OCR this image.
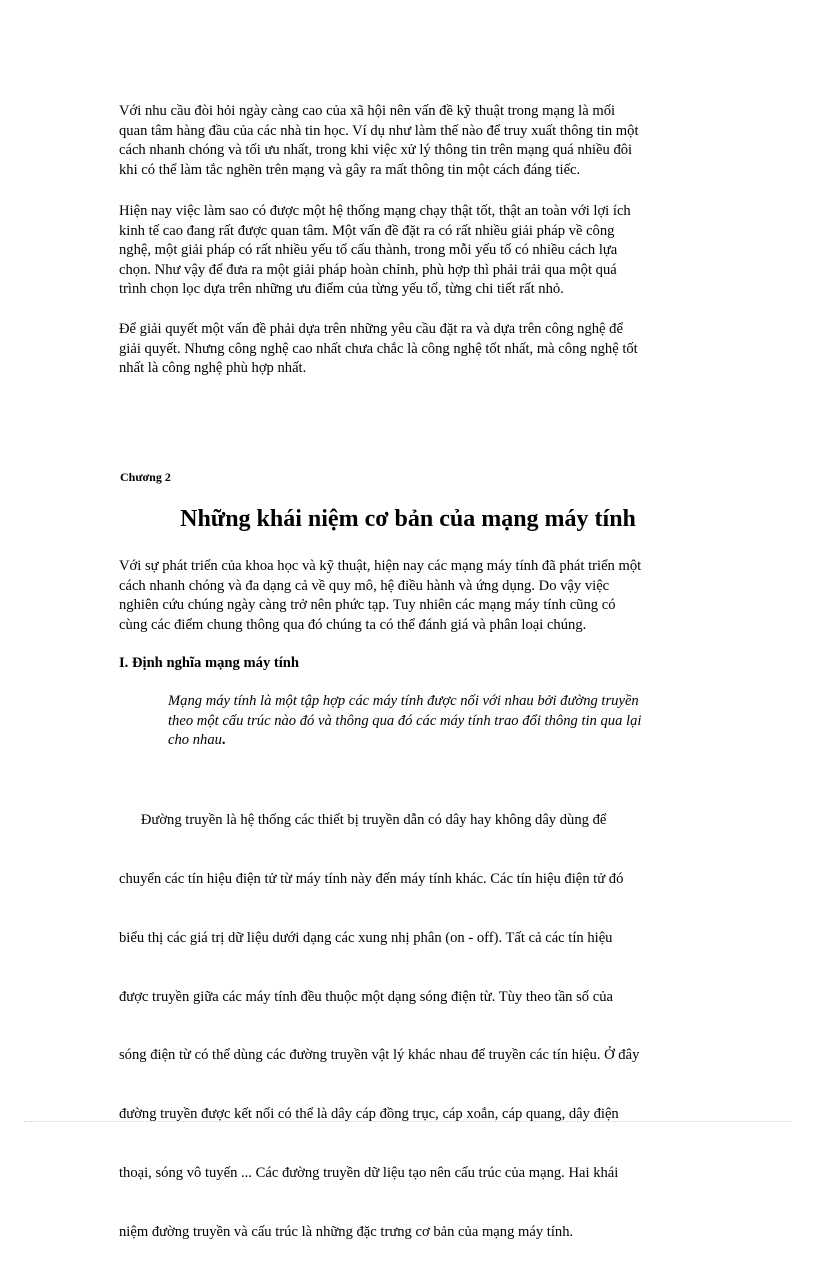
Với nhu cầu đòi hỏi ngày càng cao của xã hội nên vấn đề kỹ thuật trong mạng là mối
quan tâm hàng đầu của các nhà tin học. Ví dụ như làm thế nào để truy xuất thông tin một
cách nhanh chóng và tối ưu nhất, trong khi việc xử lý thông tin trên mạng quá nhiều đôi
khi có thể làm tắc nghẽn trên mạng và gây ra mất thông tin một cách đáng tiếc.
Hiện nay việc làm sao có được một hệ thống mạng chạy thật tốt, thật an toàn với lợi ích
kinh tế cao đang rất được quan tâm. Một vấn đề đặt ra có rất nhiều giải pháp về công
nghệ, một giải pháp có rất nhiều yếu tố cấu thành, trong mỗi yếu tố có nhiều cách lựa
chọn. Như vậy để đưa ra một giải pháp hoàn chỉnh, phù hợp thì phải trải qua một quá
trình chọn lọc dựa trên những ưu điểm của từng yếu tố, từng chi tiết rất nhỏ.
Để giải quyết một vấn đề phải dựa trên những yêu cầu đặt ra và dựa trên công nghệ để
giải quyết. Nhưng công nghệ cao nhất chưa chắc là công nghệ tốt nhất, mà công nghệ tốt
nhất là công nghệ phù hợp nhất.

Chương 2

Những khái niệm cơ bản của mạng máy tính
Với sự phát triển của khoa học và kỹ thuật, hiện nay các mạng máy tính đã phát triển một
cách nhanh chóng và đa dạng cả về quy mô, hệ điều hành và ứng dụng. Do vậy việc
nghiên cứu chúng ngày càng trở nên phức tạp. Tuy nhiên các mạng máy tính cũng có
cùng các điểm chung thông qua đó chúng ta có thể đánh giá và phân loại chúng.
I. Định nghĩa mạng máy tính
Mạng máy tính là một tập hợp các máy tính được nối với nhau bởi đường truyền
theo một cấu trúc nào đó và thông qua đó các máy tính trao đổi thông tin qua lại
cho nhau.

Đường truyền là hệ thống các thiết bị truyền dẫn có dây hay không dây dùng để

chuyển các tín hiệu điện tử từ máy tính này đến máy tính khác. Các tín hiệu điện tử đó

biểu thị các giá trị dữ liệu dưới dạng các xung nhị phân (on - off). Tất cả các tín hiệu

được truyền giữa các máy tính đều thuộc một dạng sóng điện từ. Tùy theo tần số của

sóng điện từ có thể dùng các đường truyền vật lý khác nhau để truyền các tín hiệu. Ở đây

đường truyền được kết nối có thể là dây cáp đồng trục, cáp xoắn, cáp quang, dây điện

thoại, sóng vô tuyến ... Các đường truyền dữ liệu tạo nên cấu trúc của mạng. Hai khái

niệm đường truyền và cấu trúc là những đặc trưng cơ bản của mạng máy tính.
